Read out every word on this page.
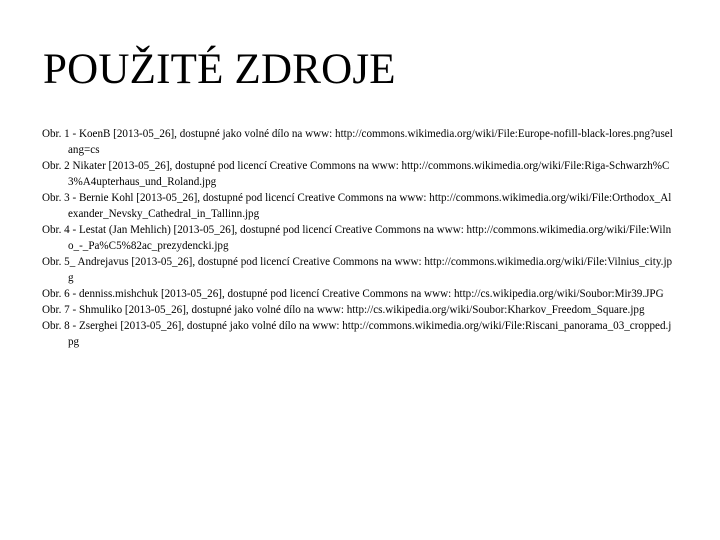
POUŽITÉ ZDROJE
Obr. 1 - KoenB [2013-05_26], dostupné jako volné dílo na www: http://commons.wikimedia.org/wiki/File:Europe-nofill-black-lores.png?uselang=cs
Obr. 2 Nikater [2013-05_26], dostupné pod licencí Creative Commons na www: http://commons.wikimedia.org/wiki/File:Riga-Schwarzh%C3%A4upterhaus_und_Roland.jpg
Obr. 3 - Bernie Kohl [2013-05_26], dostupné pod licencí Creative Commons na www: http://commons.wikimedia.org/wiki/File:Orthodox_Alexander_Nevsky_Cathedral_in_Tallinn.jpg
Obr. 4 - Lestat (Jan Mehlich) [2013-05_26], dostupné pod licencí Creative Commons na www: http://commons.wikimedia.org/wiki/File:Wilno_-_Pa%C5%82ac_prezydencki.jpg
Obr. 5_ Andrejavus [2013-05_26], dostupné pod licencí Creative Commons na www: http://commons.wikimedia.org/wiki/File:Vilnius_city.jpg
Obr. 6 - denniss.mishchuk [2013-05_26], dostupné pod licencí Creative Commons na www: http://cs.wikipedia.org/wiki/Soubor:Mir39.JPG
Obr. 7 - Shmuliko [2013-05_26], dostupné jako volné dílo na www: http://cs.wikipedia.org/wiki/Soubor:Kharkov_Freedom_Square.jpg
Obr. 8 - Zserghei [2013-05_26], dostupné jako volné dílo na www: http://commons.wikimedia.org/wiki/File:Riscani_panorama_03_cropped.jpg
